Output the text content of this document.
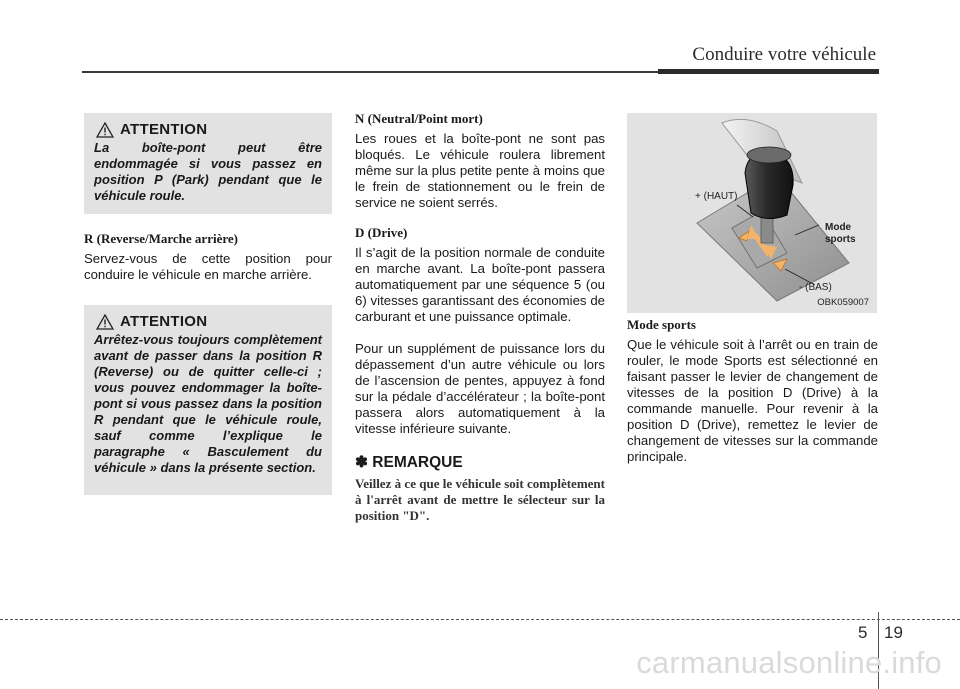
Conduire votre véhicule
ATTENTION

La boîte-pont peut être endommagée si vous passez en position P (Park) pendant que le véhicule roule.

R (Reverse/Marche arrière)

Servez-vous de cette position pour conduire le véhicule en marche arrière.

ATTENTION

Arrêtez-vous toujours complètement avant de passer dans la position R (Reverse) ou de quitter celle-ci ; vous pouvez endommager la boîte-pont si vous passez dans la position R pendant que le véhicule roule, sauf comme l’explique le paragraphe « Basculement du véhicule » dans la présente section.

N (Neutral/Point mort)

Les roues et la boîte-pont ne sont pas bloqués. Le véhicule roulera librement même sur la plus petite pente à moins que le frein de stationnement ou le frein de service ne soient serrés.

D (Drive)

Il s’agit de la position normale de conduite en marche avant. La boîte-pont passera automatiquement par une séquence 5 (ou 6) vitesses garantissant des économies de carburant et une puissance optimale.

Pour un supplément de puissance lors du dépassement d’un autre véhicule ou lors de l’ascension de pentes, appuyez à fond sur la pédale d’accélérateur ; la boîte-pont passera alors automatiquement à la vitesse inférieure suivante.

✽ REMARQUE

Veillez à ce que le véhicule soit complètement à l'arrêt avant de mettre le sélecteur sur la position "D".

+ (HAUT)
Mode
sports
- (BAS)
OBK059007

Mode sports

Que le véhicule soit à l’arrêt ou en train de rouler, le mode Sports est sélectionné en faisant passer le levier de changement de vitesses de la position D (Drive) à la commande manuelle. Pour revenir à la position D (Drive), remettez le levier de changement de vitesses sur la commande principale.

5 19
carmanualsonline.info
